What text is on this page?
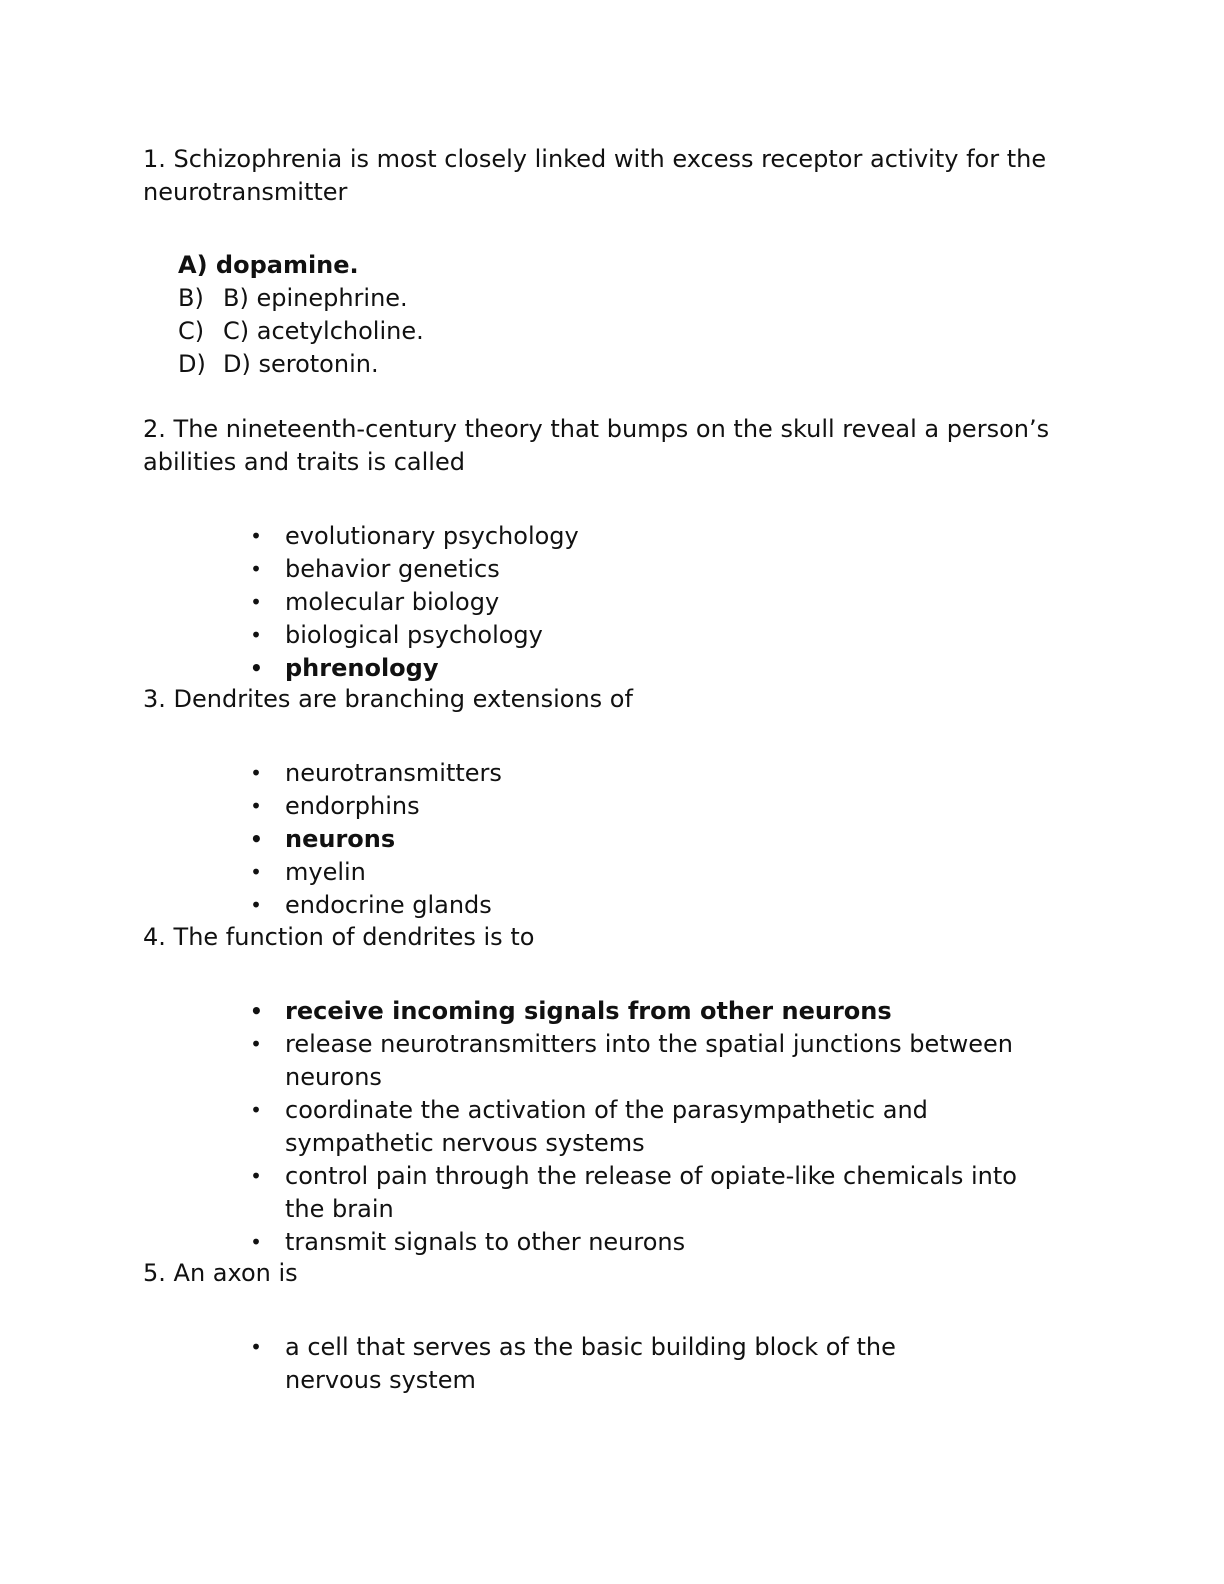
1. Schizophrenia is most closely linked with excess receptor activity for the neurotransmitter

A) dopamine.

B) B) epinephrine.

C) C) acetylcholine.

D) D) serotonin.

2. The nineteenth-century theory that bumps on the skull reveal a person’s abilities and traits is called

• evolutionary psychology
• behavior genetics
• molecular biology
• biological psychology
• phrenology

3. Dendrites are branching extensions of

• neurotransmitters
• endorphins
• neurons
• myelin
• endocrine glands

4. The function of dendrites is to

• receive incoming signals from other neurons
• release neurotransmitters into the spatial junctions between neurons
• coordinate the activation of the parasympathetic and sympathetic nervous systems
• control pain through the release of opiate-like chemicals into the brain
• transmit signals to other neurons

5. An axon is

• a cell that serves as the basic building block of the nervous system
